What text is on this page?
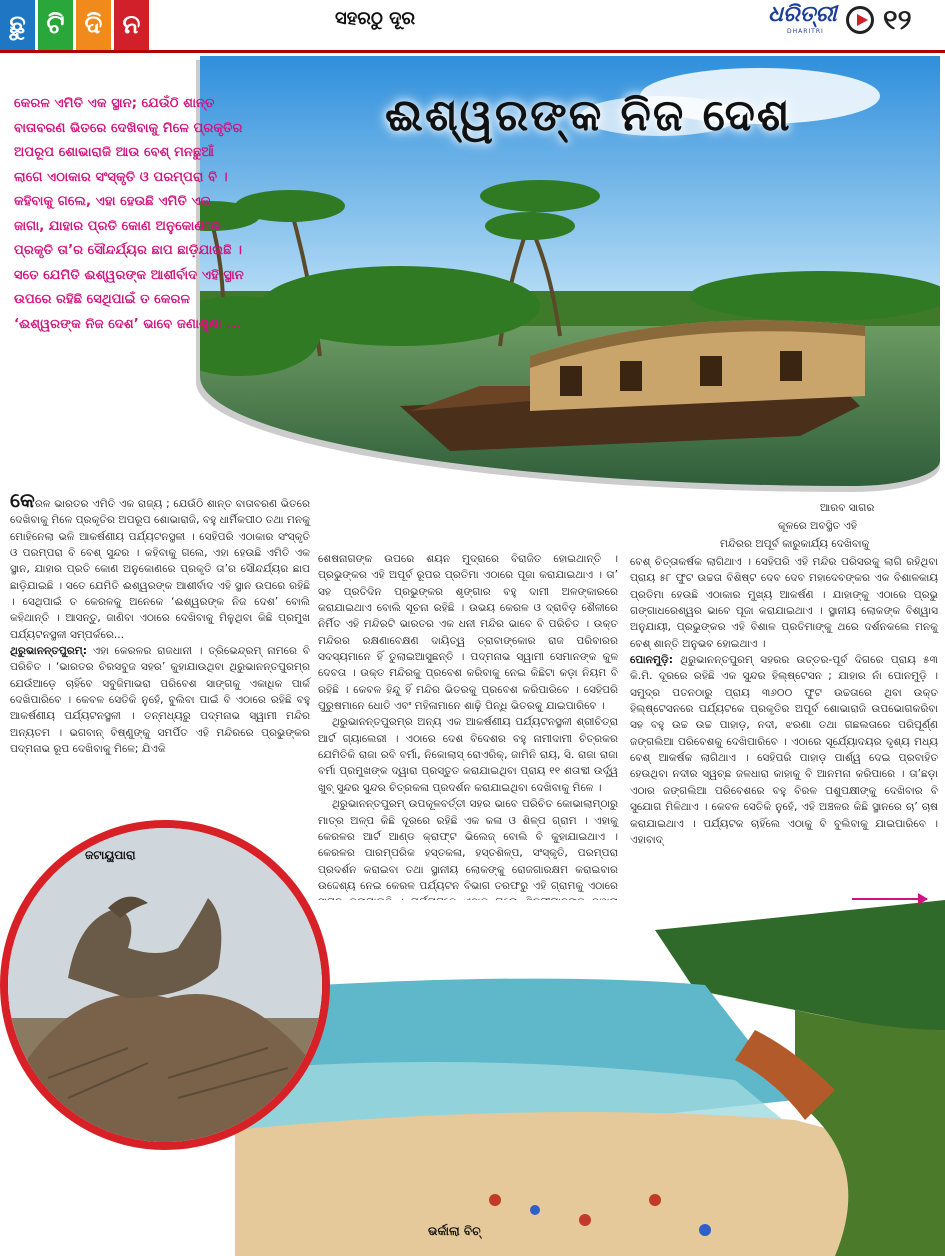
ଛୁ ଟି ଦି ନ	ସହରଠୁ ଦୂର	ଧରିତ୍ରୀ
DHARITRI ୧୨
ଈଶ୍ୱରଙ୍କ ନିଜ ଦେଶ
କେରଳ ଏମିତି ଏକ ସ୍ଥାନ; ଯେଉଁଠି ଶାନ୍ତ ବାତାବରଣ ଭିତରେ ଦେଖିବାକୁ ମିଳେ ପ୍ରକୃତିର ଅପରୂପ ଶୋଭାରାଜି ଆଉ ବେଶ୍ ମନଛୁଆଁ ଲାଗେ ଏଠାକାର ସଂସ୍କୃତି ଓ ପରମ୍ପରା ବି । କହିବାକୁ ଗଲେ, ଏହା ହେଉଛି ଏମିତି ଏକ ଜାଗା, ଯାହାର ପ୍ରତି କୋଣ ଅନୁକୋଣରେ ପ୍ରକୃତି ତା’ର ସୌନ୍ଦର୍ଯ୍ୟର ଛାପ ଛାଡ଼ିଯାଇଛି । ସତେ ଯେମିତି ଈଶ୍ୱରଙ୍କ ଆଶୀର୍ବାଦ ଏହି ସ୍ଥାନ ଉପରେ ରହିଛି ସେଥିପାଇଁ ତ କେରଳ ‘ଈଶ୍ୱରଙ୍କ ନିଜ ଦେଶ’ ଭାବେ ଜଣାଶୁଣା ...

କେରଳ ଭାରତର ଏମିତି ଏକ ରାଜ୍ୟ ; ଯେଉଁଠି ଶାନ୍ତ ବାତାବରଣ ଭିତରେ ଦେଖିବାକୁ ମିଳେ ପ୍ରକୃତିର ଅପରୂପ ଶୋଭାରାଜି, ବହୁ ଧାର୍ମିକପୀଠ ତଥା ମନକୁ ମୋହିନେଲା ଭଳି ଆକର୍ଷଣୀୟ ପର୍ଯ୍ୟଟନସ୍ଥଳୀ । ସେହିପରି ଏଠାକାର ସଂସ୍କୃତି ଓ ପରମ୍ପରା ବି ବେଶ୍ ସୁନ୍ଦର । କହିବାକୁ ଗଲେ, ଏହା ହେଉଛି ଏମିତି ଏକ ସ୍ଥାନ, ଯାହାର ପ୍ରତି କୋଣ ଅନୁକୋଣରେ ପ୍ରକୃତି ତା’ର ସୌନ୍ଦର୍ଯ୍ୟର ଛାପ ଛାଡ଼ିଯାଇଛି । ସତେ ଯେମିତି ଈଶ୍ୱରଙ୍କ ଆଶୀର୍ବାଦ ଏହି ସ୍ଥାନ ଉପରେ ରହିଛି । ସେଥିପାଇଁ ତ କେରଳକୁ ଅନେକେ ‘ଈଶ୍ୱରଙ୍କ ନିଜ ଦେଶ’ ବୋଲି କହିଥାନ୍ତି । ଆସନ୍ତୁ, ଜାଣିବା ଏଠାରେ ଦେଖିବାକୁ ମିଳୁଥିବା କିଛି ପ୍ରମୁଖ ପର୍ଯ୍ୟଟନସ୍ଥଳୀ ସମ୍ପର୍କରେ...

ଥିରୁଭାନନ୍ତପୁରମ୍: ଏହା କେରଳର ରାଜଧାନୀ । ତ୍ରିଭେନ୍ଦ୍ରମ୍ ନାମରେ ବି ପରିଚିତ । ‘ଭାରତର ଚିରସବୁଜ ସହର’ କୁହାଯାଉଥିବା ଥିରୁଭାନନ୍ତପୁରମ୍‌ର ଯେଉଁଆଡ଼େ ଚାହିଁବେ ସବୁଜିମାଭରା ପରିବେଶ ସାଙ୍ଗକୁ ଏକାଧିକ ପାର୍କ ଦେଖିପାରିବେ । କେବଳ ସେତିକି ନୁହେଁ, ବୁଲିବା ପାଇଁ ବି ଏଠାରେ ରହିଛି ବହୁ ଆକର୍ଷଣୀୟ ପର୍ଯ୍ୟଟନସ୍ଥଳୀ । ତନ୍ମଧ୍ୟରୁ ପଦ୍ମନାଭ ସ୍ୱାମୀ ମନ୍ଦିର ଅନ୍ୟତମ । ଭଗବାନ୍ ବିଷ୍ଣୁଙ୍କୁ ସମର୍ପିତ ଏହି ମନ୍ଦିରରେ ପ୍ରଭୁଙ୍କର ପଦ୍ମନାଭ ରୂପ ଦେଖିବାକୁ ମିଳେ; ଯିଏକି

ଶେଷନାଗଙ୍କ ଉପରେ ଶୟନ ମୁଦ୍ରାରେ ବିରାଜିତ ହୋଇଥାନ୍ତି । ପ୍ରଭୁଙ୍କର ଏହି ଅପୂର୍ବ ରୂପର ପ୍ରତିମା ଏଠାରେ ପୂଜା କରାଯାଇଥାଏ । ତା’ ସହ ପ୍ରତିଦିନ ପ୍ରଭୁଙ୍କର ଶୃଙ୍ଗାର ବହୁ ଦାମୀ ଅଳଙ୍କାରରେ କରାଯାଇଥାଏ ବୋଲି ସୂଚନା ରହିଛି । ଉଭୟ କେରଳ ଓ ଦ୍ରାବିଡ଼ ଶୈଳୀରେ ନିର୍ମିତ ଏହି ମନ୍ଦିରଟି ଭାରତର ଏକ ଧନୀ ମନ୍ଦିର ଭାବେ ବି ପରିଚିତ । ଉକ୍ତ ମନ୍ଦିରର ରକ୍ଷଣାବେକ୍ଷଣ ଦାୟିତ୍ୱ ତ୍ରାବାଙ୍କୋର ରାଜ ପରିବାରର ସଦସ୍ୟମାନେ ହିଁ ତୁଲାଇଆସୁଛନ୍ତି । ପଦ୍ମନାଭ ସ୍ୱାମୀ ସେମାନଙ୍କ କୁଳ ଦେବତା । ଉକ୍ତ ମନ୍ଦିରକୁ ପ୍ରବେଶ କରିବାକୁ ନେଇ କିଛିଟା କଡ଼ା ନିୟମ ବି ରହିଛି । କେବଳ ହିନ୍ଦୁ ହିଁ ମନ୍ଦିର ଭିତରକୁ ପ୍ରବେଶ କରିପାରିବେ । ସେହିପରି ପୁରୁଷମାନେ ଧୋତି ଏବଂ ମହିଳାମାନେ ଶାଢ଼ି ପିନ୍ଧି ଭିତରକୁ ଯାଇପାରିବେ ।

ଥିରୁଭାନନ୍ତପୁରମ୍‌ର ଅନ୍ୟ ଏକ ଆକର୍ଷଣୀୟ ପର୍ଯ୍ୟଟନସ୍ଥଳୀ ଶ୍ରୀଚିତ୍ରା ଆର୍ଟ ଗ୍ୟାଲେରୀ । ଏଠାରେ ଦେଶ ବିଦେଶର ବହୁ ନାମୀଦାମୀ ଚିତ୍ରକର ଯେମିତିକି ରାଜା ରବି ବର୍ମା, ନିକୋଲାସ୍ ରୋଏରିକ୍, ଜାମିନି ରାୟ, ସି. ରାଜା ରାଜା ବର୍ମା ପ୍ରମୁଖଙ୍କ ଦ୍ୱାରା ପ୍ରସ୍ତୁତ କରାଯାଇଥିବା ପ୍ରାୟ ୧୧ ଶତାବ୍ଦୀ ଉର୍ଦ୍ଧ୍ୱ ଖୁବ୍ ସୁନ୍ଦର ସୁନ୍ଦର ଚିତ୍ରକଳା ପ୍ରଦର୍ଶନ କରାଯାଇଥିବା ଦେଖିବାକୁ ମିଳେ ।

ଥିରୁଭାନନ୍ତପୁରମ୍ ଉପକୂଳବର୍ତ୍ତୀ ସହର ଭାବେ ପରିଚିତ କୋଭାଲାମ୍‌ଠାରୁ ମାତ୍ର ଅଳ୍ପ କିଛି ଦୂରରେ ରହିଛି ଏକ କଳା ଓ ଶିଳ୍ପ ଗ୍ରାମ । ଏହାକୁ କେରଳର ଆର୍ଟ ଆଣ୍ଡ କ୍ରାଫ୍ଟ ଭିଲେଜ୍ ବୋଲି ବି କୁହାଯାଇଥାଏ । କେରଳର ପାରମ୍ପରିକ ହସ୍ତକଳା, ହସ୍ତଶିଳ୍ପ, ସଂସ୍କୃତି, ପରମ୍ପରା ପ୍ରଦର୍ଶନ କରାଇବା ତଥା ସ୍ଥାନୀୟ ଲୋକଙ୍କୁ ରୋଜଗାରକ୍ଷମ କରାଇବାର ଉଦ୍ଦେଶ୍ୟ ନେଇ କେରଳ ପର୍ଯ୍ୟଟନ ବିଭାଗ ତରଫରୁ ଏହି ଗ୍ରାମକୁ ଏଠାରେ

ଆରବ ସାଗର
କୂଳରେ ଅବସ୍ଥିତ ଏହି
ମନ୍ଦିରର ଅପୂର୍ବ କାରୁକାର୍ଯ୍ୟ ଦେଖିବାକୁ

ବେଶ୍ ଚିତ୍ତାକର୍ଷକ ଲାଗିଥାଏ । ସେହିପରି ଏହି ମନ୍ଦିର ପରିସରକୁ ଲାଗି ରହିଥିବା ପ୍ରାୟ ୫୮ ଫୁଟ ଉଚ୍ଚତା ବିଶିଷ୍ଟ ଦେବ ଦେବ ମହାଦେବଙ୍କର ଏକ ବିଶାଳକାୟ ପ୍ରତିମା ହେଉଛି ଏଠାକାର ମୁଖ୍ୟ ଆକର୍ଷଣ । ଯାହାଙ୍କୁ ଏଠାରେ ପ୍ରଭୁ ଗଙ୍ଗାଧରେଶ୍ୱର ଭାବେ ପୂଜା କରାଯାଇଥାଏ । ସ୍ଥାନୀୟ ଲୋକଙ୍କ ବିଶ୍ୱାସ ଅନୁଯାୟୀ, ପ୍ରଭୁଙ୍କର ଏହି ବିଶାଳ ପ୍ରତିମାଙ୍କୁ ଥରେ ଦର୍ଶନକଲେ ମନକୁ ବେଶ୍ ଶାନ୍ତି ଅନୁଭବ ହୋଇଥାଏ ।

ପୋନମୁଡ଼ି: ଥିରୁଭାନନ୍ତପୁରମ୍ ସହରର ଉତ୍ତର-ପୂର୍ବ ଦିଗରେ ପ୍ରାୟ ୫୩ କି.ମି. ଦୂରରେ ରହିଛି ଏକ ସୁନ୍ଦର ହିଲ୍‌ଷ୍ଟେସନ ; ଯାହାର ନାଁ ପୋନମୁଡ଼ି । ସମୁଦ୍ର ପତନଠାରୁ ପ୍ରାୟ ୩୬୦୦ ଫୁଟ ଉଚ୍ଚତାରେ ଥିବା ଉକ୍ତ ହିଲ୍‌ଷ୍ଟେସନରେ ପର୍ଯ୍ୟଟକେ ପ୍ରକୃତିର ଅପୂର୍ବ ଶୋଭାରାଜି ଉପଭୋଗକରିବା ସହ ବହୁ ଉଚ୍ଚ ଉଚ୍ଚ ପାହାଡ଼, ନଦୀ, ଝରଣା ତଥା ଗଛଲତାରେ ପରିପୂର୍ଣ୍ଣ ଜଙ୍ଗଲିଆ ପରିବେଶକୁ ଦେଖିପାରିବେ । ଏଠାରେ ସୂର୍ଯ୍ୟୋଦୟର ଦୃଶ୍ୟ ମଧ୍ୟ ବେଶ୍ ଆକର୍ଷକ ଲାଗିଥାଏ । ସେହିପରି ପାହାଡ଼ ପାର୍ଶ୍ୱ ଦେଇ ପ୍ରବାହିତ ହେଉଥିବା ନଦୀର ସ୍ୱଚ୍ଛ ଜଳଧାରା କାହାକୁ ବି ଆନମନା କରିପାରେ । ତା’ଛଡ଼ା ଏଠାର ଜଙ୍ଗଲିଆ ପରିବେଶରେ ବହୁ ବିରଳ ପଶୁପକ୍ଷୀଙ୍କୁ ଦେଖିବାର ବି ସୁଯୋଗ ମିଳିଥାଏ । କେବଳ ସେତିକି ନୁହେଁ, ଏହି ଅଞ୍ଚଳର କିଛି ସ୍ଥାନରେ ଚା’ ଚାଷ କରାଯାଇଥାଏ । ପର୍ଯ୍ୟଟକ ଚାହିଁଲେ ଏଠାକୁ ବି ବୁଲିବାକୁ ଯାଇପାରିବେ । ଏହାବାଦ୍

ଭର୍କାଲା ବିଚ୍
ଜଟାୟୁପାରା
